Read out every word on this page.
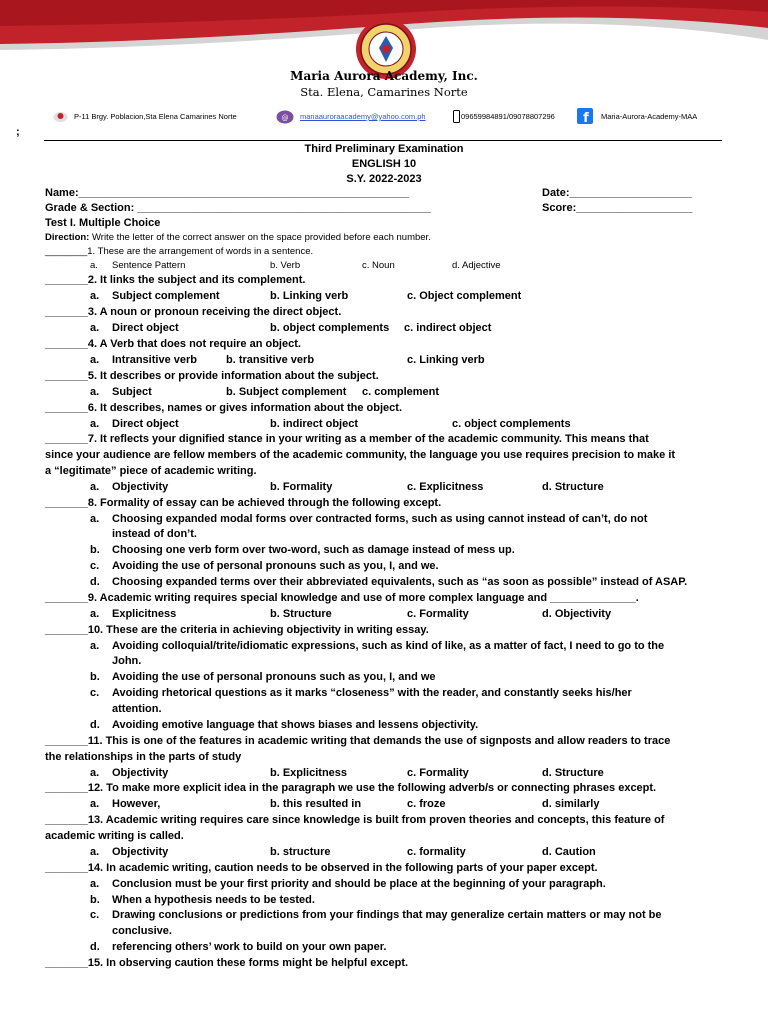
Maria Aurora Academy, Inc.
Sta. Elena, Camarines Norte
P-11 Brgy. Poblacion,Sta Elena Camarines Norte	@ mariaauroraacademy@yahoo.com.ph	09659984891/09078807296 f Maria-Aurora-Academy-MAA
;
Third Preliminary Examination
ENGLISH 10
S.Y. 2022-2023
Name:______________________________________________________	Date:____________________
Grade & Section: ________________________________________________	Score:___________________
Test I. Multiple Choice
Direction: Write the letter of the correct answer on the space provided before each number.
________1. These are the arrangement of words in a sentence.
a. Sentence Pattern	b. Verb	c. Noun	d. Adjective
_______2. It links the subject and its complement.
a. Subject complement	b. Linking verb	c. Object complement
_______3. A noun or pronoun receiving the direct object.
a. Direct object	b. object complements c. indirect object
_______4. A Verb that does not require an object.
a. Intransitive verb	b. transitive verb	c. Linking verb
_______5. It describes or provide information about the subject.
a. Subject	b. Subject complement c. complement
_______6. It describes, names or gives information about the object.
a. Direct object	b. indirect object	c. object complements
_______7. It reflects your dignified stance in your writing as a member of the academic community. This means that
since your audience are fellow members of the academic community, the language you use requires precision to make it
a “legitimate” piece of academic writing.
a. Objectivity	b. Formality	c. Explicitness	d. Structure
_______8. Formality of essay can be achieved through the following except.
a. Choosing expanded modal forms over contracted forms, such as using cannot instead of can’t, do not
instead of don’t.
b. Choosing one verb form over two-word, such as damage instead of mess up.
c. Avoiding the use of personal pronouns such as you, I, and we.
d. Choosing expanded terms over their abbreviated equivalents, such as “as soon as possible” instead of ASAP.
_______9. Academic writing requires special knowledge and use of more complex language and ______________.
a. Explicitness	b. Structure	c. Formality	d. Objectivity
_______10. These are the criteria in achieving objectivity in writing essay.
a. Avoiding colloquial/trite/idiomatic expressions, such as kind of like, as a matter of fact, I need to go to the
John.
b. Avoiding the use of personal pronouns such as you, I, and we
c. Avoiding rhetorical questions as it marks “closeness” with the reader, and constantly seeks his/her
attention.
d. Avoiding emotive language that shows biases and lessens objectivity.
_______11. This is one of the features in academic writing that demands the use of signposts and allow readers to trace
the relationships in the parts of study
a. Objectivity	b. Explicitness	c. Formality	d. Structure
_______12. To make more explicit idea in the paragraph we use the following adverb/s or connecting phrases except.
a. However,	b. this resulted in	c. froze	d. similarly
_______13. Academic writing requires care since knowledge is built from proven theories and concepts, this feature of
academic writing is called.
a. Objectivity	b. structure	c. formality	d. Caution
_______14. In academic writing, caution needs to be observed in the following parts of your paper except.
a. Conclusion must be your first priority and should be place at the beginning of your paragraph.
b. When a hypothesis needs to be tested.
c. Drawing conclusions or predictions from your findings that may generalize certain matters or may not be
conclusive.
d. referencing others’ work to build on your own paper.
_______15. In observing caution these forms might be helpful except.
